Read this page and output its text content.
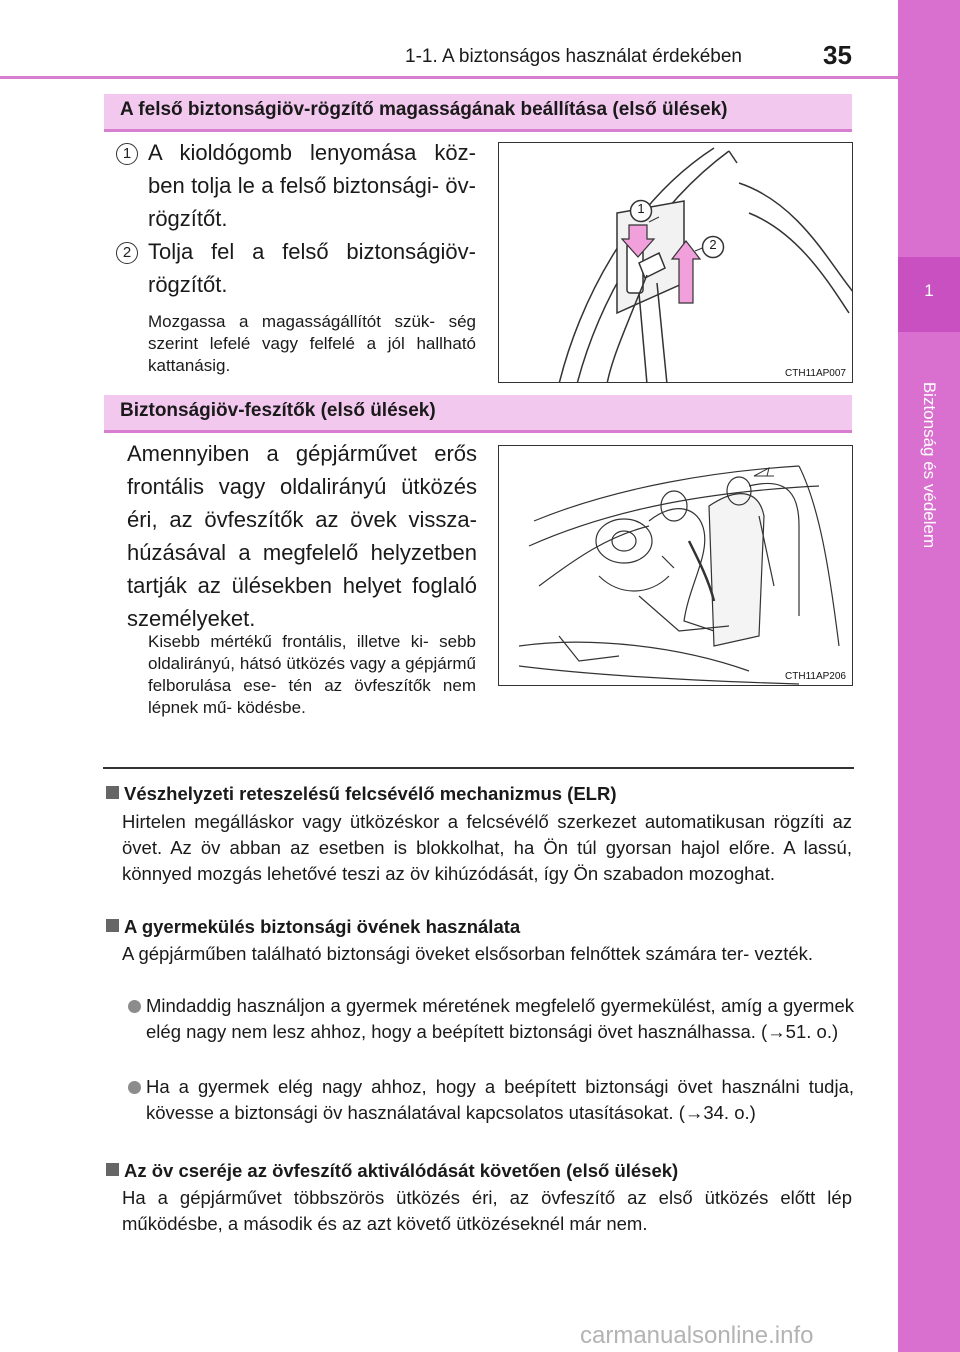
1-1. A biztonságos használat érdekében	35
1
Biztonság és védelem
A felső biztonságiöv-rögzítő magasságának beállítása (első ülések)
1 A kioldógomb lenyomása köz- ben tolja le a felső biztonsági- öv-rögzítőt.
2 Tolja fel a felső biztonságiöv- rögzítőt.
Mozgassa a magasságállítót szük- ség szerint lefelé vagy felfelé a jól hallható kattanásig.
1
2
CTH11AP007
Biztonságiöv-feszítők (első ülések)
Amennyiben a gépjárművet erős frontális vagy oldalirányú ütközés éri, az övfeszítők az övek vissza- húzásával a megfelelő helyzetben tartják az ülésekben helyet foglaló személyeket.
Kisebb mértékű frontális, illetve ki- sebb oldalirányú, hátsó ütközés vagy a gépjármű felborulása ese- tén az övfeszítők nem lépnek mű- ködésbe.
CTH11AP206
Vészhelyzeti reteszelésű felcsévélő mechanizmus (ELR)
Hirtelen megálláskor vagy ütközéskor a felcsévélő szerkezet automatikusan rögzíti az övet. Az öv abban az esetben is blokkolhat, ha Ön túl gyorsan hajol előre. A lassú, könnyed mozgás lehetővé teszi az öv kihúzódását, így Ön szabadon mozoghat.
A gyermekülés biztonsági övének használata
A gépjárműben található biztonsági öveket elsősorban felnőttek számára ter- vezték.
Mindaddig használjon a gyermek méretének megfelelő gyermekülést, amíg a gyermek elég nagy nem lesz ahhoz, hogy a beépített biztonsági övet használhassa. (→51. o.)
Ha a gyermek elég nagy ahhoz, hogy a beépített biztonsági övet használni tudja, kövesse a biztonsági öv használatával kapcsolatos utasításokat. (→34. o.)
Az öv cseréje az övfeszítő aktiválódását követően (első ülések)
Ha a gépjárművet többszörös ütközés éri, az övfeszítő az első ütközés előtt lép működésbe, a második és az azt követő ütközéseknél már nem.
carmanualsonline.info
